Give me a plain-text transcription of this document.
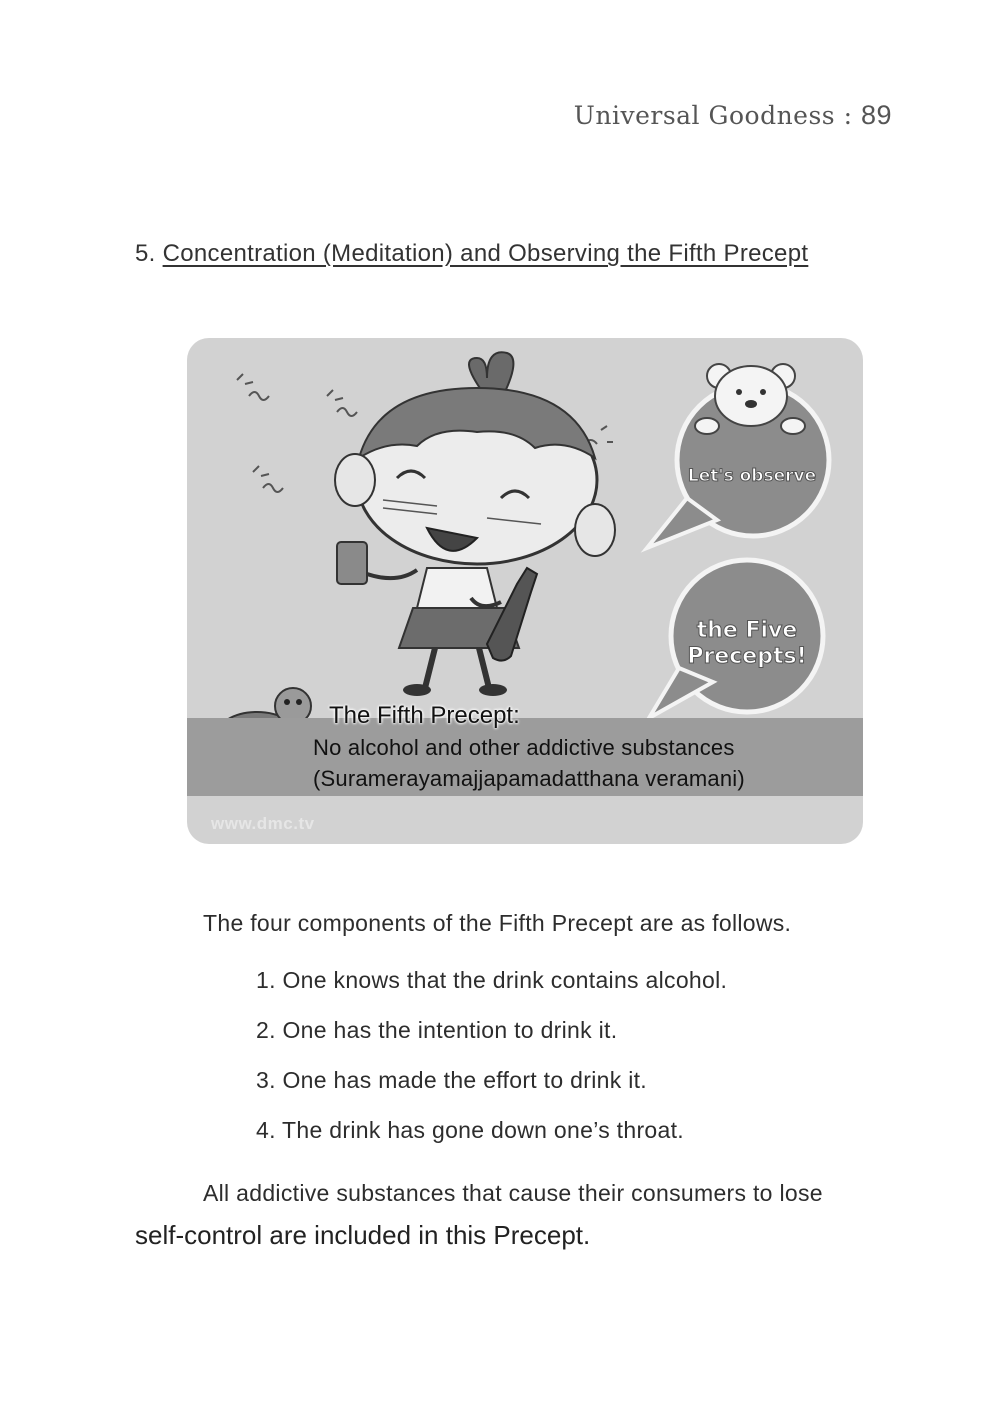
Universal Goodness : 89
5. Concentration (Meditation) and Observing the Fifth Precept
Let's observe
the Five Precepts!
The Fifth Precept:
No alcohol and other addictive substances
(Suramerayamajjapamadatthana veramani)
www.dmc.tv
The four components of the Fifth Precept are as follows.
1. One knows that the drink contains alcohol.
2. One has the intention to drink it.
3. One has made the effort to drink it.
4. The drink has gone down one’s throat.
All addictive substances that cause their consumers to lose
self-control are included in this Precept.
